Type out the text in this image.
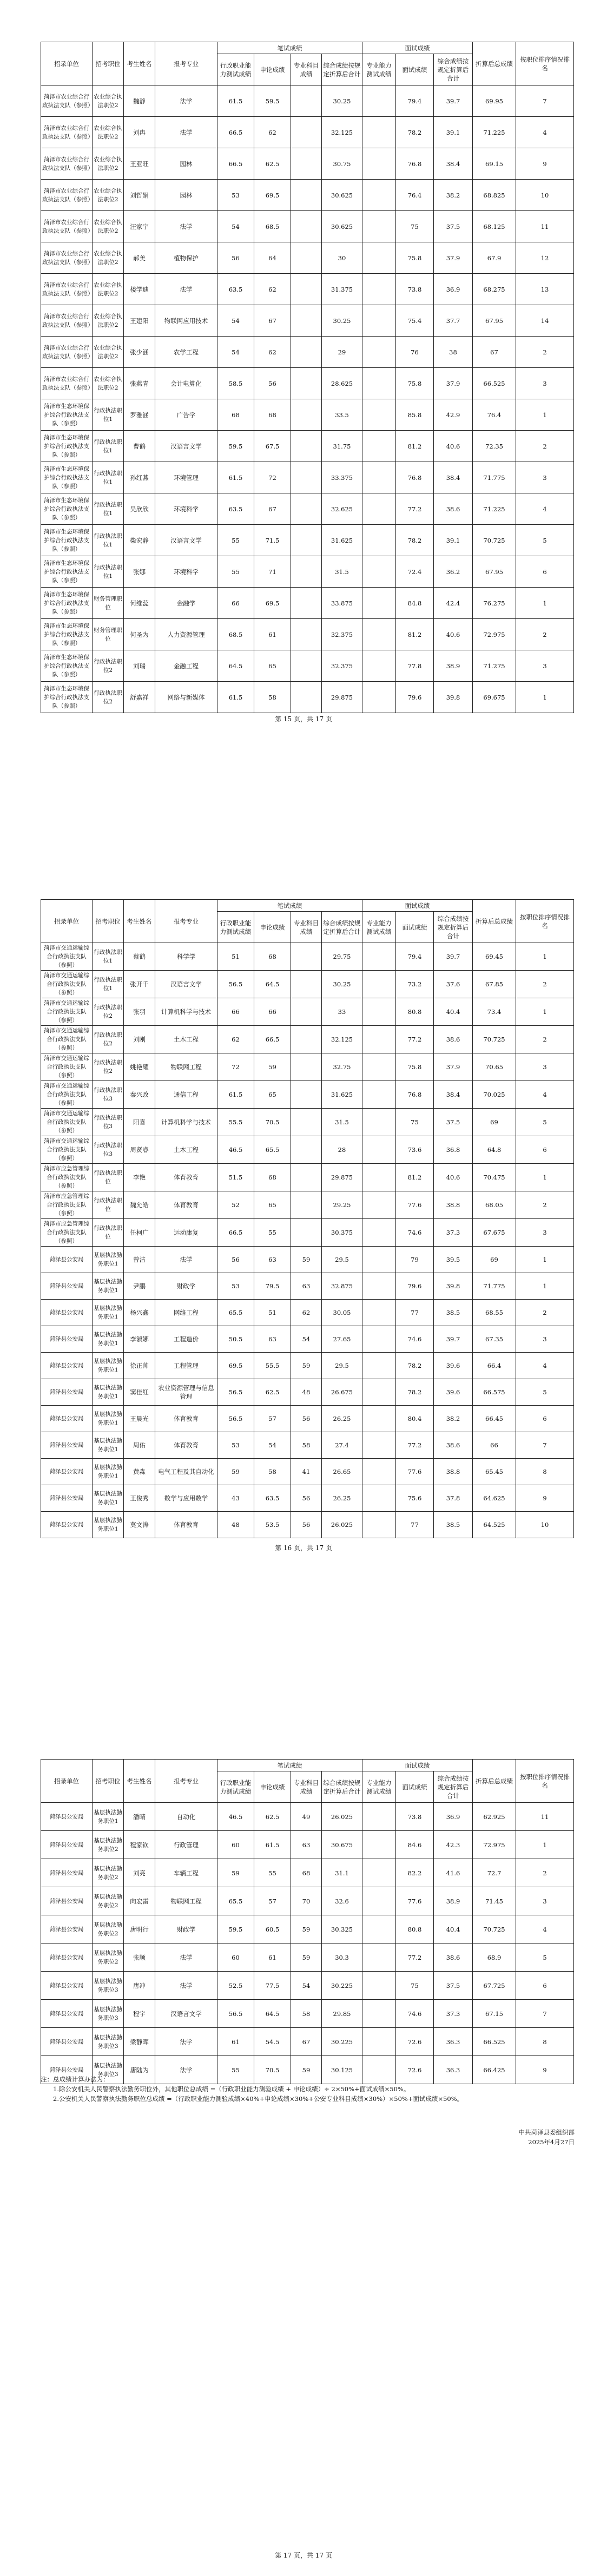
招录单位	招考职位	考生姓名	报考专业	笔试成绩				面试成绩			折算后总成绩	按职位排序情况排名
				行政职业能力测试成绩	申论成绩	专业科目成绩	综合成绩按规定折算后合计	专业能力测试成绩	面试成绩	综合成绩按规定折算后合计		
菏泽市农业综合行政执法支队（参照）	农业综合执法职位2	魏静	法学	61.5	59.5		30.25		79.4	39.7	69.95	7
菏泽市农业综合行政执法支队（参照）	农业综合执法职位2	刘冉	法学	66.5	62		32.125		78.2	39.1	71.225	4
菏泽市农业综合行政执法支队（参照）	农业综合执法职位2	王亚旺	园林	66.5	62.5		30.75		76.8	38.4	69.15	9
菏泽市农业综合行政执法支队（参照）	农业综合执法职位2	刘哲娟	园林	53	69.5		30.625		76.4	38.2	68.825	10
菏泽市农业综合行政执法支队（参照）	农业综合执法职位2	汪家宇	法学	54	68.5		30.625		75	37.5	68.125	11
菏泽市农业综合行政执法支队（参照）	农业综合执法职位2	郝美	植物保护	56	64		30		75.8	37.9	67.9	12
菏泽市农业综合行政执法支队（参照）	农业综合执法职位2	楼学迪	法学	63.5	62		31.375		73.8	36.9	68.275	13
菏泽市农业综合行政执法支队（参照）	农业综合执法职位2	王建阳	物联网应用技术	54	67		30.25		75.4	37.7	67.95	14
菏泽市农业综合行政执法支队（参照）	农业综合执法职位2	张少涵	农学工程	54	62		29		76	38	67	2
菏泽市农业综合行政执法支队（参照）	农业综合执法职位2	张燕青	会计电算化	58.5	56		28.625		75.8	37.9	66.525	3
菏泽市生态环境保护综合行政执法支队（参照）	行政执法职位1	罗雅涵	广告学	68	68		33.5		85.8	42.9	76.4	1
菏泽市生态环境保护综合行政执法支队（参照）	行政执法职位1	曹鹤	汉语言文学	59.5	67.5		31.75		81.2	40.6	72.35	2
菏泽市生态环境保护综合行政执法支队（参照）	行政执法职位1	孙红燕	环境管理	61.5	72		33.375		76.8	38.4	71.775	3
菏泽市生态环境保护综合行政执法支队（参照）	行政执法职位1	吴欣欣	环境科学	63.5	67		32.625		77.2	38.6	71.225	4
菏泽市生态环境保护综合行政执法支队（参照）	行政执法职位1	柴宏静	汉语言文学	55	71.5		31.625		78.2	39.1	70.725	5
菏泽市生态环境保护综合行政执法支队（参照）	行政执法职位1	张娜	环境科学	55	71		31.5		72.4	36.2	67.95	6
菏泽市生态环境保护综合行政执法支队（参照）	财务管理职位	何维蕊	金融学	66	69.5		33.875		84.8	42.4	76.275	1
菏泽市生态环境保护综合行政执法支队（参照）	财务管理职位	何圣为	人力资源管理	68.5	61		32.375		81.2	40.6	72.975	2
菏泽市生态环境保护综合行政执法支队（参照）	行政执法职位2	刘瑞	金融工程	64.5	65		32.375		77.8	38.9	71.275	3
菏泽市生态环境保护综合行政执法支队（参照）	行政执法职位2	舒嘉祥	网络与新媒体	61.5	58		29.875		79.6	39.8	69.675	1
第 15 页，共 17 页
招录单位	招考职位	考生姓名	报考专业	笔试成绩				面试成绩			折算后总成绩	按职位排序情况排名
				行政职业能力测试成绩	申论成绩	专业科目成绩	综合成绩按规定折算后合计	专业能力测试成绩	面试成绩	综合成绩按规定折算后合计		
菏泽市交通运输综合行政执法支队（参照）	行政执法职位1	蔡鹤	科学学	51	68		29.75		79.4	39.7	69.45	1
菏泽市交通运输综合行政执法支队（参照）	行政执法职位1	张开千	汉语言文学	56.5	64.5		30.25		73.2	37.6	67.85	2
菏泽市交通运输综合行政执法支队（参照）	行政执法职位2	张羽	计算机科学与技术	66	66		33		80.8	40.4	73.4	1
菏泽市交通运输综合行政执法支队（参照）	行政执法职位2	刘刚	土木工程	62	66.5		32.125		77.2	38.6	70.725	2
菏泽市交通运输综合行政执法支队（参照）	行政执法职位2	姚艳耀	物联网工程	72	59		32.75		75.8	37.9	70.65	3
菏泽市交通运输综合行政执法支队（参照）	行政执法职位3	秦兴政	通信工程	61.5	65		31.625		76.8	38.4	70.025	4
菏泽市交通运输综合行政执法支队（参照）	行政执法职位3	阳喜	计算机科学与技术	55.5	70.5		31.5		75	37.5	69	5
菏泽市交通运输综合行政执法支队（参照）	行政执法职位3	周贤睿	土木工程	46.5	65.5		28		73.6	36.8	64.8	6
菏泽市应急管理综合行政执法支队（参照）	行政执法职位	李艳	体育教育	51.5	68		29.875		81.2	40.6	70.475	1
菏泽市应急管理综合行政执法支队（参照）	行政执法职位	魏允皓	体育教育	52	65		29.25		77.6	38.8	68.05	2
菏泽市应急管理综合行政执法支队（参照）	行政执法职位	任柯广	运动康复	66.5	55		30.375		74.6	37.3	67.675	3
菏泽县公安局	基层执法勤务职位1	曾洁	法学	56	63	59	29.5		79	39.5	69	1
菏泽县公安局	基层执法勤务职位1	尹鹏	财政学	53	79.5	63	32.875		79.6	39.8	71.775	1
菏泽县公安局	基层执法勤务职位1	杨兴鑫	网络工程	65.5	51	62	30.05		77	38.5	68.55	2
菏泽县公安局	基层执法勤务职位1	李淑娜	工程造价	50.5	63	54	27.65		74.6	39.7	67.35	3
菏泽县公安局	基层执法勤务职位1	徐正帅	工程管理	69.5	55.5	59	29.5		78.2	39.6	66.4	4
菏泽县公安局	基层执法勤务职位1	窦佳红	农业资源管理与信息管理	56.5	62.5	48	26.675		78.2	39.6	66.575	5
菏泽县公安局	基层执法勤务职位1	王晨光	体育教育	56.5	57	56	26.25		80.4	38.2	66.45	6
菏泽县公安局	基层执法勤务职位1	周佑	体育教育	53	54	58	27.4		77.2	38.6	66	7
菏泽县公安局	基层执法勤务职位1	黄淼	电气工程及其自动化	59	58	41	26.65		77.6	38.8	65.45	8
菏泽县公安局	基层执法勤务职位1	王俊秀	数学与应用数学	43	63.5	56	26.25		75.6	37.8	64.625	9
菏泽县公安局	基层执法勤务职位1	莫文涛	体育教育	48	53.5	56	26.025		77	38.5	64.525	10
第 16 页，共 17 页
招录单位	招考职位	考生姓名	报考专业	笔试成绩				面试成绩			折算后总成绩	按职位排序情况排名
				行政职业能力测试成绩	申论成绩	专业科目成绩	综合成绩按规定折算后合计	专业能力测试成绩	面试成绩	综合成绩按规定折算后合计		
菏泽县公安局	基层执法勤务职位1	潘晴	自动化	46.5	62.5	49	26.025		73.8	36.9	62.925	11
菏泽县公安局	基层执法勤务职位2	程家钦	行政管理	60	61.5	63	30.675		84.6	42.3	72.975	1
菏泽县公安局	基层执法勤务职位2	刘亮	车辆工程	59	55	68	31.1		82.2	41.6	72.7	2
菏泽县公安局	基层执法勤务职位2	向宏雷	物联网工程	65.5	57	70	32.6		77.6	38.9	71.45	3
菏泽县公安局	基层执法勤务职位2	唐明行	财政学	59.5	60.5	59	30.325		80.8	40.4	70.725	4
菏泽县公安局	基层执法勤务职位2	张顺	法学	60	61	59	30.3		77.2	38.6	68.9	5
菏泽县公安局	基层执法勤务职位3	唐冲	法学	52.5	77.5	54	30.225		75	37.5	67.725	6
菏泽县公安局	基层执法勤务职位3	程宇	汉语言文学	56.5	64.5	58	29.85		74.6	37.3	67.15	7
菏泽县公安局	基层执法勤务职位3	梁静晖	法学	61	54.5	67	30.225		72.6	36.3	66.525	8
菏泽县公安局	基层执法勤务职位3	唐陆为	法学	55	70.5	59	30.125		72.6	36.3	66.425	9

注：总成绩计算办法为：

1.除公安机关人民警察执法勤务职位外，其他职位总成绩 =（行政职业能力测验成绩 + 申论成绩）÷ 2×50%+面试成绩×50%。

2.公安机关人民警察执法勤务职位总成绩 =（行政职业能力测验成绩×40%+申论成绩×30%+公安专业科目成绩×30%）×50%+面试成绩×50%。

中共菏泽县委组织部
2025年4月27日
第 17 页，共 17 页
